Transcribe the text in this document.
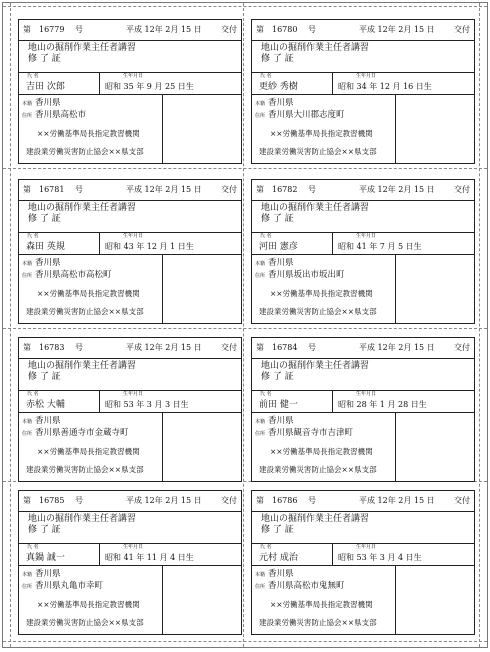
第 16779 号	平成 12年 2月 15 日 交付
地山の掘削作業主任者講習
修 了 証
氏 名
吉田 次郎
生年月日
昭和 35 年 9 月 25 日生
本籍 香川県
住所 香川県高松市
××労働基準局長指定教習機関
建設業労働災害防止協会××県支部
第 16780 号	平成 12年 2月 15 日 交付
地山の掘削作業主任者講習
修 了 証
氏 名
更紗 秀樹
生年月日
昭和 34 年 12 月 16 日生
本籍 香川県
住所 香川県大川郡志度町
××労働基準局長指定教習機関
建設業労働災害防止協会××県支部
第 16781 号	平成 12年 2月 15 日 交付
地山の掘削作業主任者講習
修 了 証
氏 名
森田 英規
生年月日
昭和 43 年 12 月 1 日生
本籍 香川県
住所 香川県高松市高松町
××労働基準局長指定教習機関
建設業労働災害防止協会××県支部
第 16782 号	平成 12年 2月 15 日 交付
地山の掘削作業主任者講習
修 了 証
氏 名
河田 憲彦
生年月日
昭和 41 年 7 月 5 日生
本籍 香川県
住所 香川県坂出市坂出町
××労働基準局長指定教習機関
建設業労働災害防止協会××県支部
第 16783 号	平成 12年 2月 15 日 交付
地山の掘削作業主任者講習
修 了 証
氏 名
赤松 大輔
生年月日
昭和 53 年 3 月 3 日生
本籍 香川県
住所 香川県善通寺市金蔵寺町
××労働基準局長指定教習機関
建設業労働災害防止協会××県支部
第 16784 号	平成 12年 2月 15 日 交付
地山の掘削作業主任者講習
修 了 証
氏 名
前田 健一
生年月日
昭和 28 年 1 月 28 日生
本籍 香川県
住所 香川県観音寺市吉津町
××労働基準局長指定教習機関
建設業労働災害防止協会××県支部
第 16785 号	平成 12年 2月 15 日 交付
地山の掘削作業主任者講習
修 了 証
氏 名
真鍋 誠一
生年月日
昭和 41 年 11 月 4 日生
本籍 香川県
住所 香川県丸亀市幸町
××労働基準局長指定教習機関
建設業労働災害防止協会××県支部
第 16786 号	平成 12年 2月 15 日 交付
地山の掘削作業主任者講習
修 了 証
氏 名
元村 成治
生年月日
昭和 53 年 3 月 4 日生
本籍 香川県
住所 香川県高松市鬼無町
××労働基準局長指定教習機関
建設業労働災害防止協会××県支部
